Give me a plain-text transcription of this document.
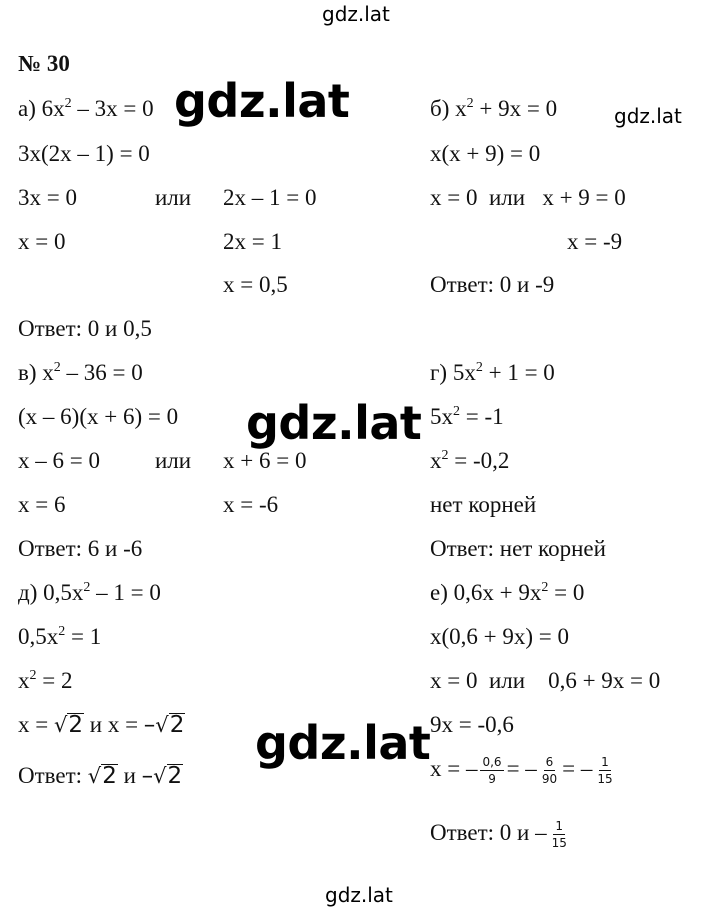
gdz.lat
gdz.lat
gdz.lat
gdz.lat
gdz.lat
gdz.lat
№ 30
а) $6x^2 - 3x = 0$
3x(2x – 1) = 0
3x = 0	или 2x – 1 = 0
x = 0	2x = 1
x = 0,5
Ответ: 0 и 0,5
б) $x^2 + 9x = 0$
x(x + 9) = 0
x = 0  или   x + 9 = 0
x = -9
Ответ: 0 и -9
в) $x^2 - 36 = 0$
(x – 6)(x + 6) = 0
x – 6 = 0 или x + 6 = 0
x = 6	x = -6
Ответ: 6 и -6
г) $5x^2 + 1 = 0$
$5x^2 = -1$
$x^2 = -0,2$
нет корней
Ответ: нет корней
д) $0,5x^2 - 1 = 0$
$0,5x^2 = 1$
$x^2 = 2$
x = √2 и x = –√2
Ответ: √2 и –√2
е) $0,6x + 9x^2 = 0$
x(0,6 + 9x) = 0
x = 0  или    0,6 + 9x = 0
9x = -0,6
x = – $\frac{0,6}{9}$ = – $\frac{6}{90}$ = – $\frac{1}{15}$
Ответ: 0 и – $\frac{1}{15}$
